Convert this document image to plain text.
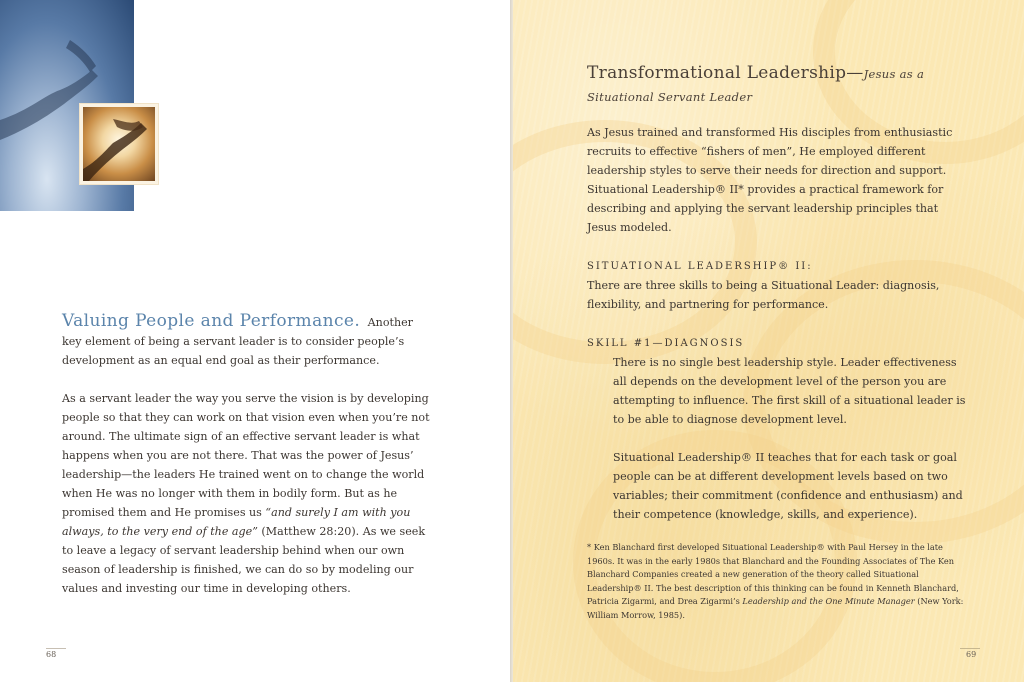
Valuing People and Performance. Another key element of being a servant leader is to consider people’s development as an equal end goal as their performance.

As a servant leader the way you serve the vision is by developing people so that they can work on that vision even when you’re not around. The ultimate sign of an effective servant leader is what happens when you are not there. That was the power of Jesus’ leadership—the leaders He trained went on to change the world when He was no longer with them in bodily form. But as he promised them and He promises us “and surely I am with you always, to the very end of the age” (Matthew 28:20). As we seek to leave a legacy of servant leadership behind when our own season of leadership is finished, we can do so by modeling our values and investing our time in developing others.

68
Transformational Leadership—Jesus as a Situational Servant Leader

As Jesus trained and transformed His disciples from enthusiastic recruits to effective “fishers of men”, He employed different leadership styles to serve their needs for direction and support. Situational Leadership® II* provides a practical framework for describing and applying the servant leadership principles that Jesus modeled.

SITUATIONAL LEADERSHIP® II:
There are three skills to being a Situational Leader: diagnosis, flexibility, and partnering for performance.

SKILL #1—DIAGNOSIS

There is no single best leadership style. Leader effectiveness all depends on the development level of the person you are attempting to influence. The first skill of a situational leader is to be able to diagnose development level.

Situational Leadership® II teaches that for each task or goal people can be at different development levels based on two variables; their commitment (confidence and enthusiasm) and their competence (knowledge, skills, and experience).

* Ken Blanchard first developed Situational Leadership® with Paul Hersey in the late 1960s. It was in the early 1980s that Blanchard and the Founding Associates of The Ken Blanchard Companies created a new generation of the theory called Situational Leadership® II. The best description of this thinking can be found in Kenneth Blanchard, Patricia Zigarmi, and Drea Zigarmi’s Leadership and the One Minute Manager (New York: William Morrow, 1985).
69
